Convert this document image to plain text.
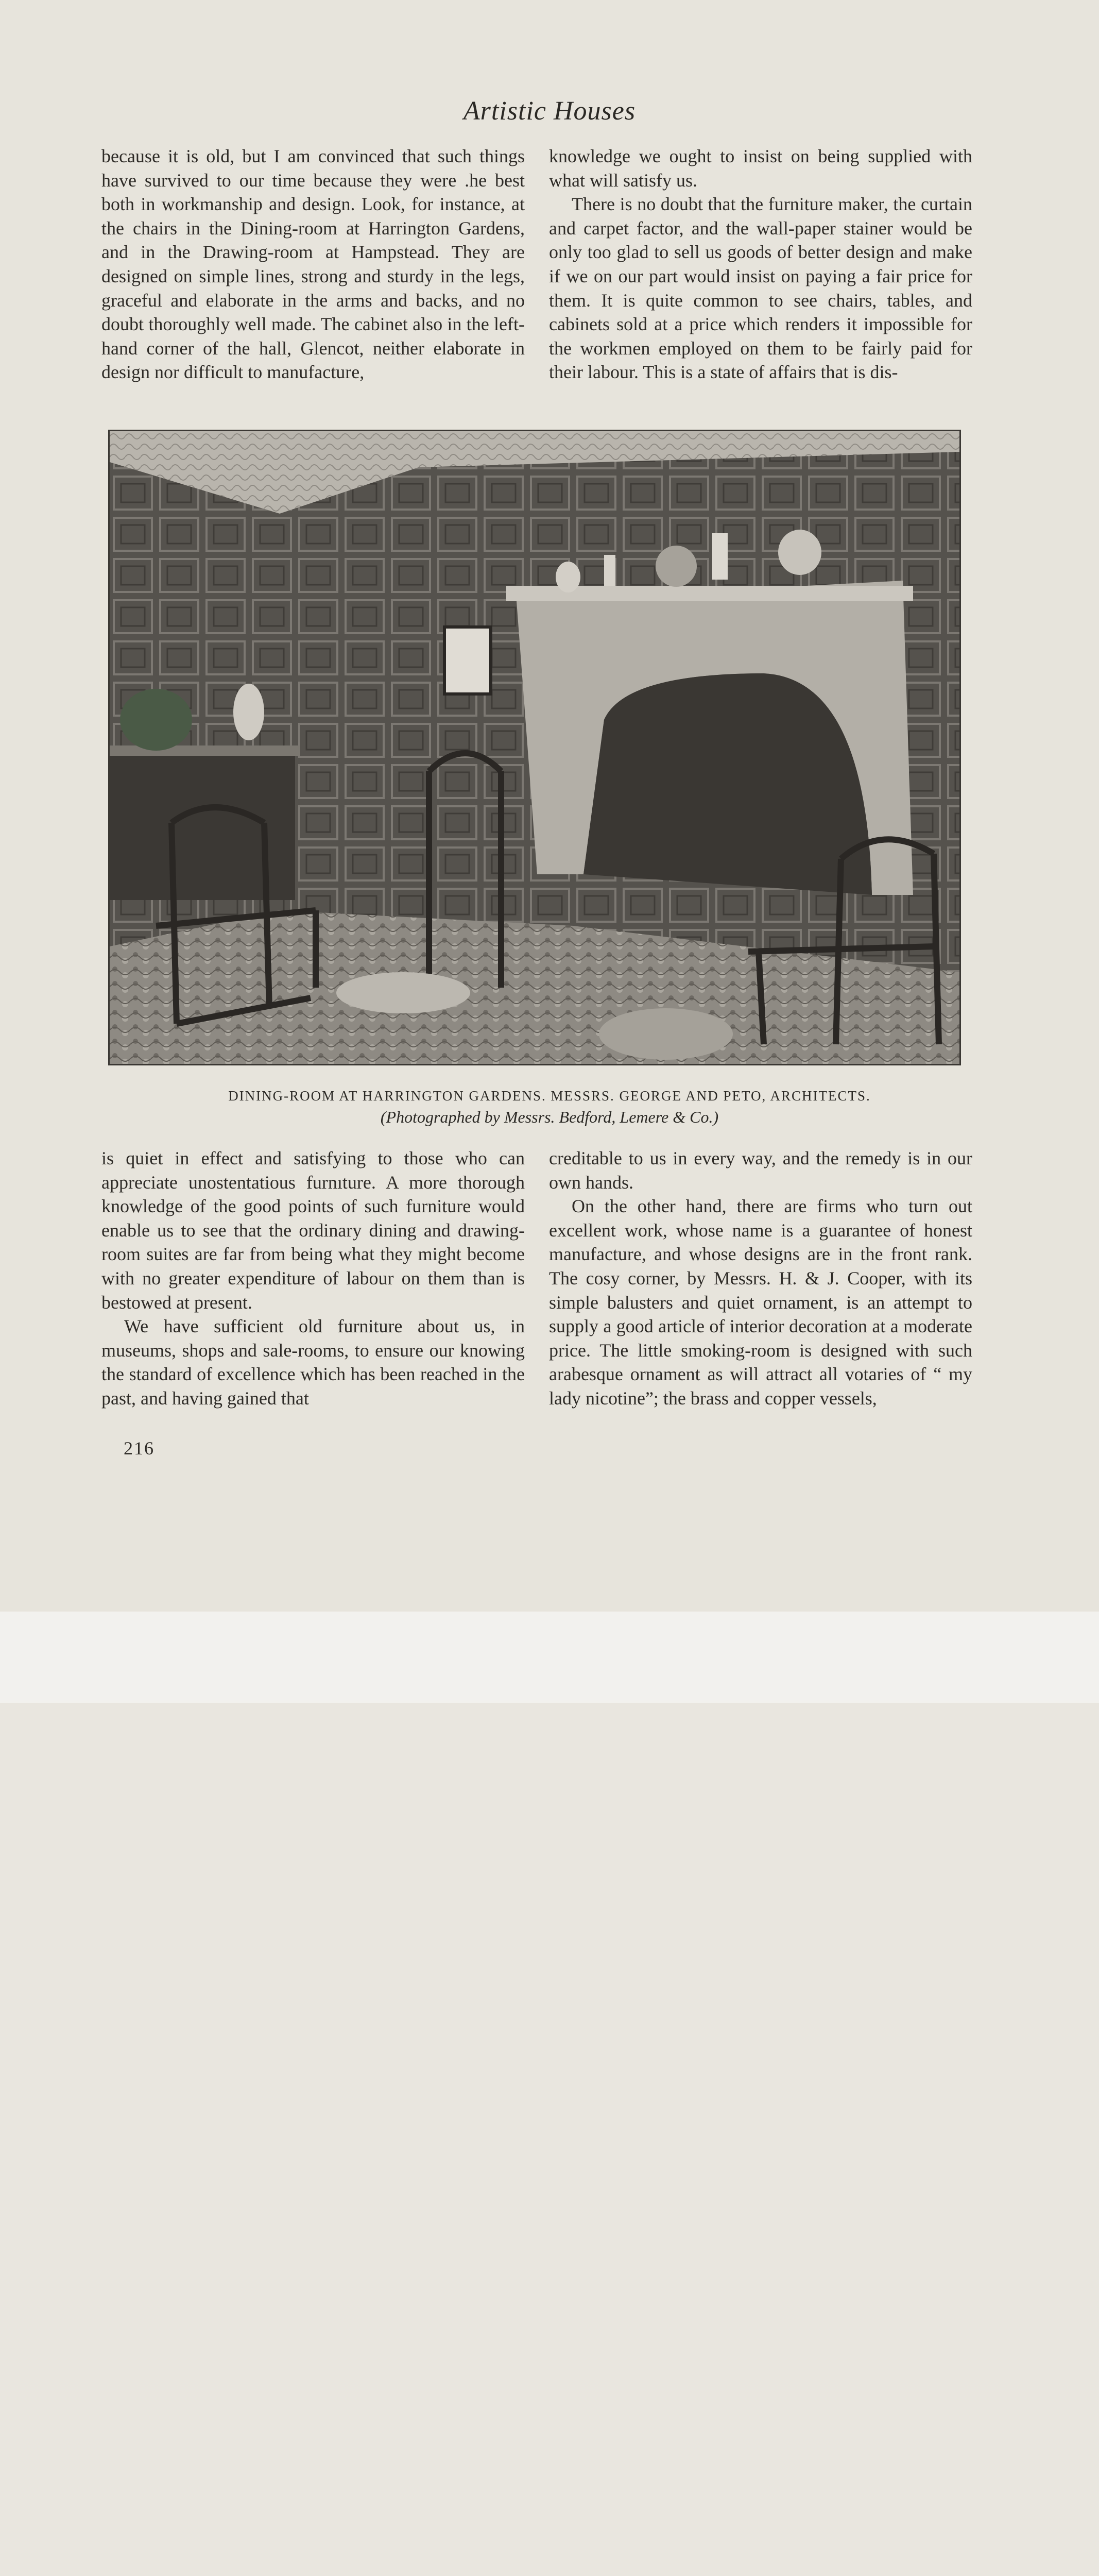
Artistic Houses

because it is old, but I am convinced that such things have survived to our time because they were .he best both in workmanship and design. Look, for instance, at the chairs in the Dining-room at Harrington Gardens, and in the Drawing-room at Hampstead. They are designed on simple lines, strong and sturdy in the legs, graceful and elaborate in the arms and backs, and no doubt thoroughly well made. The cabinet also in the left-hand corner of the hall, Glencot, neither elaborate in design nor difficult to manufacture,

knowledge we ought to insist on being supplied with what will satisfy us.

There is no doubt that the furniture maker, the curtain and carpet factor, and the wall-paper stainer would be only too glad to sell us goods of better design and make if we on our part would insist on paying a fair price for them. It is quite common to see chairs, tables, and cabinets sold at a price which renders it impossible for the workmen employed on them to be fairly paid for their labour. This is a state of affairs that is dis-

DINING-ROOM AT HARRINGTON GARDENS. MESSRS. GEORGE AND PETO, ARCHITECTS.
(Photographed by Messrs. Bedford, Lemere & Co.)

is quiet in effect and satisfying to those who can appreciate unostentatious furnıture. A more thorough knowledge of the good points of such furniture would enable us to see that the ordinary dining and drawing-room suites are far from being what they might become with no greater expenditure of labour on them than is bestowed at present.

We have sufficient old furniture about us, in museums, shops and sale-rooms, to ensure our knowing the standard of excellence which has been reached in the past, and having gained that

creditable to us in every way, and the remedy is in our own hands.

On the other hand, there are firms who turn out excellent work, whose name is a guarantee of honest manufacture, and whose designs are in the front rank. The cosy corner, by Messrs. H. & J. Cooper, with its simple balusters and quiet ornament, is an attempt to supply a good article of interior decoration at a moderate price. The little smoking-room is designed with such arabesque ornament as will attract all votaries of “ my lady nicotine”; the brass and copper vessels,

216
